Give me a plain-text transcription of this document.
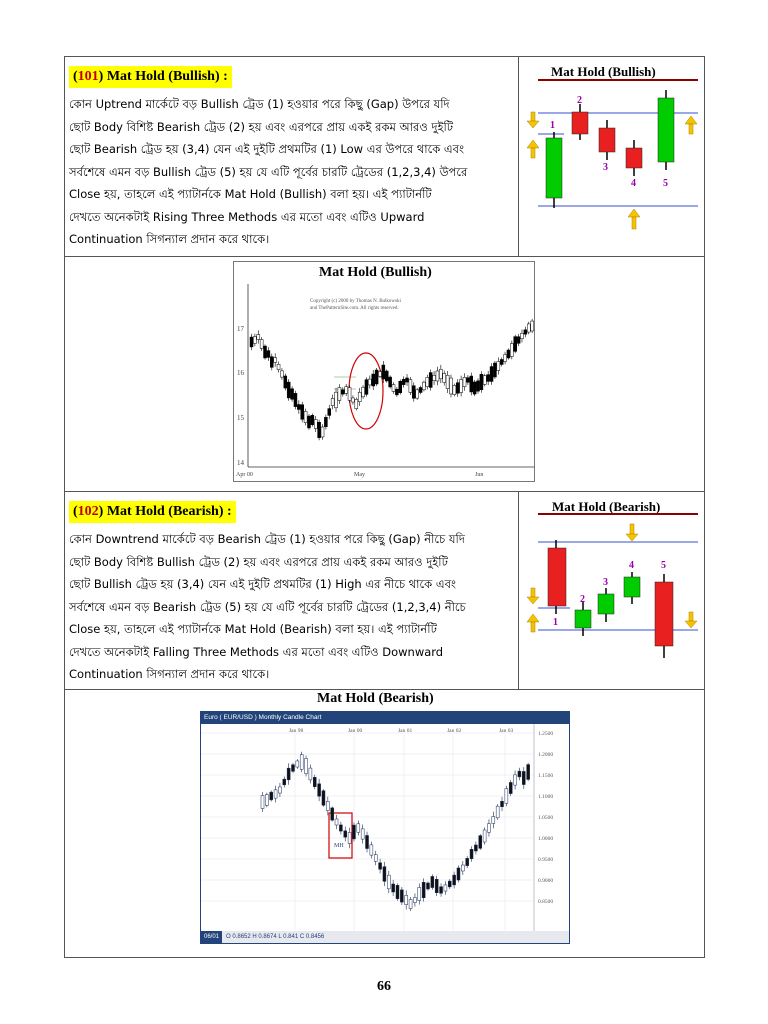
(101) Mat Hold (Bullish) :
কোন Uptrend মার্কেটে বড় Bullish ট্রেড (1) হওয়ার পরে কিছু (Gap) উপরে যদি
ছোট Body বিশিষ্ট Bearish ট্রেড (2) হয় এবং এরপরে প্রায় একই রকম আরও দুইটি
ছোট Bearish ট্রেড হয় (3,4) যেন এই দুইটি প্রথমটির (1) Low এর উপরে থাকে এবং
সর্বশেষে এমন বড় Bullish ট্রেড (5) হয় যে এটি পূর্বের চারটি ট্রেডের (1,2,3,4) উপরে
Close হয়, তাহলে এই প্যাটার্নকে Mat Hold (Bullish) বলা হয়। এই প্যাটার্নটি
দেখতে অনেকটাই Rising Three Methods এর মতো এবং এটিও Upward
Continuation সিগন্যাল প্রদান করে থাকে।
Mat Hold (Bullish)
1
2
3
4	5
Mat Hold (Bullish)
Copyright (c) 2000 by Thomas N. Bulkowski
and ThePatternSite.com. All rights reserved.
17
16
15
14
Apr 00	May	Jun
(102) Mat Hold (Bearish) :
কোন Downtrend মার্কেটে বড় Bearish ট্রেড (1) হওয়ার পরে কিছু (Gap) নীচে যদি
ছোট Body বিশিষ্ট Bullish ট্রেড (2) হয় এবং এরপরে প্রায় একই রকম আরও দুইটি
ছোট Bullish ট্রেড হয় (3,4) যেন এই দুইটি প্রথমটির (1) High এর নীচে থাকে এবং
সর্বশেষে এমন বড় Bearish ট্রেড (5) হয় যে এটি পূর্বের চারটি ট্রেডের (1,2,3,4) নীচে
Close হয়, তাহলে এই প্যাটার্নকে Mat Hold (Bearish) বলা হয়। এই প্যাটার্নটি
দেখতে অনেকটাই Falling Three Methods এর মতো এবং এটিও Downward
Continuation সিগন্যাল প্রদান করে থাকে।
Mat Hold (Bearish)
1
2
3
4	5
Mat Hold (Bearish)
Euro ( EUR/USD ) Monthly Candle Chart
Jan 98	Jan 00	Jan 01	Jan 02	Jan 03	1.2500
1.2000
1.1500
1.1000
1.0500
1.0000
0.9500
0.9000
0.8500
MH
06/01 O 0.8652 H 0.8674 L 0.841 C 0.8456
66
